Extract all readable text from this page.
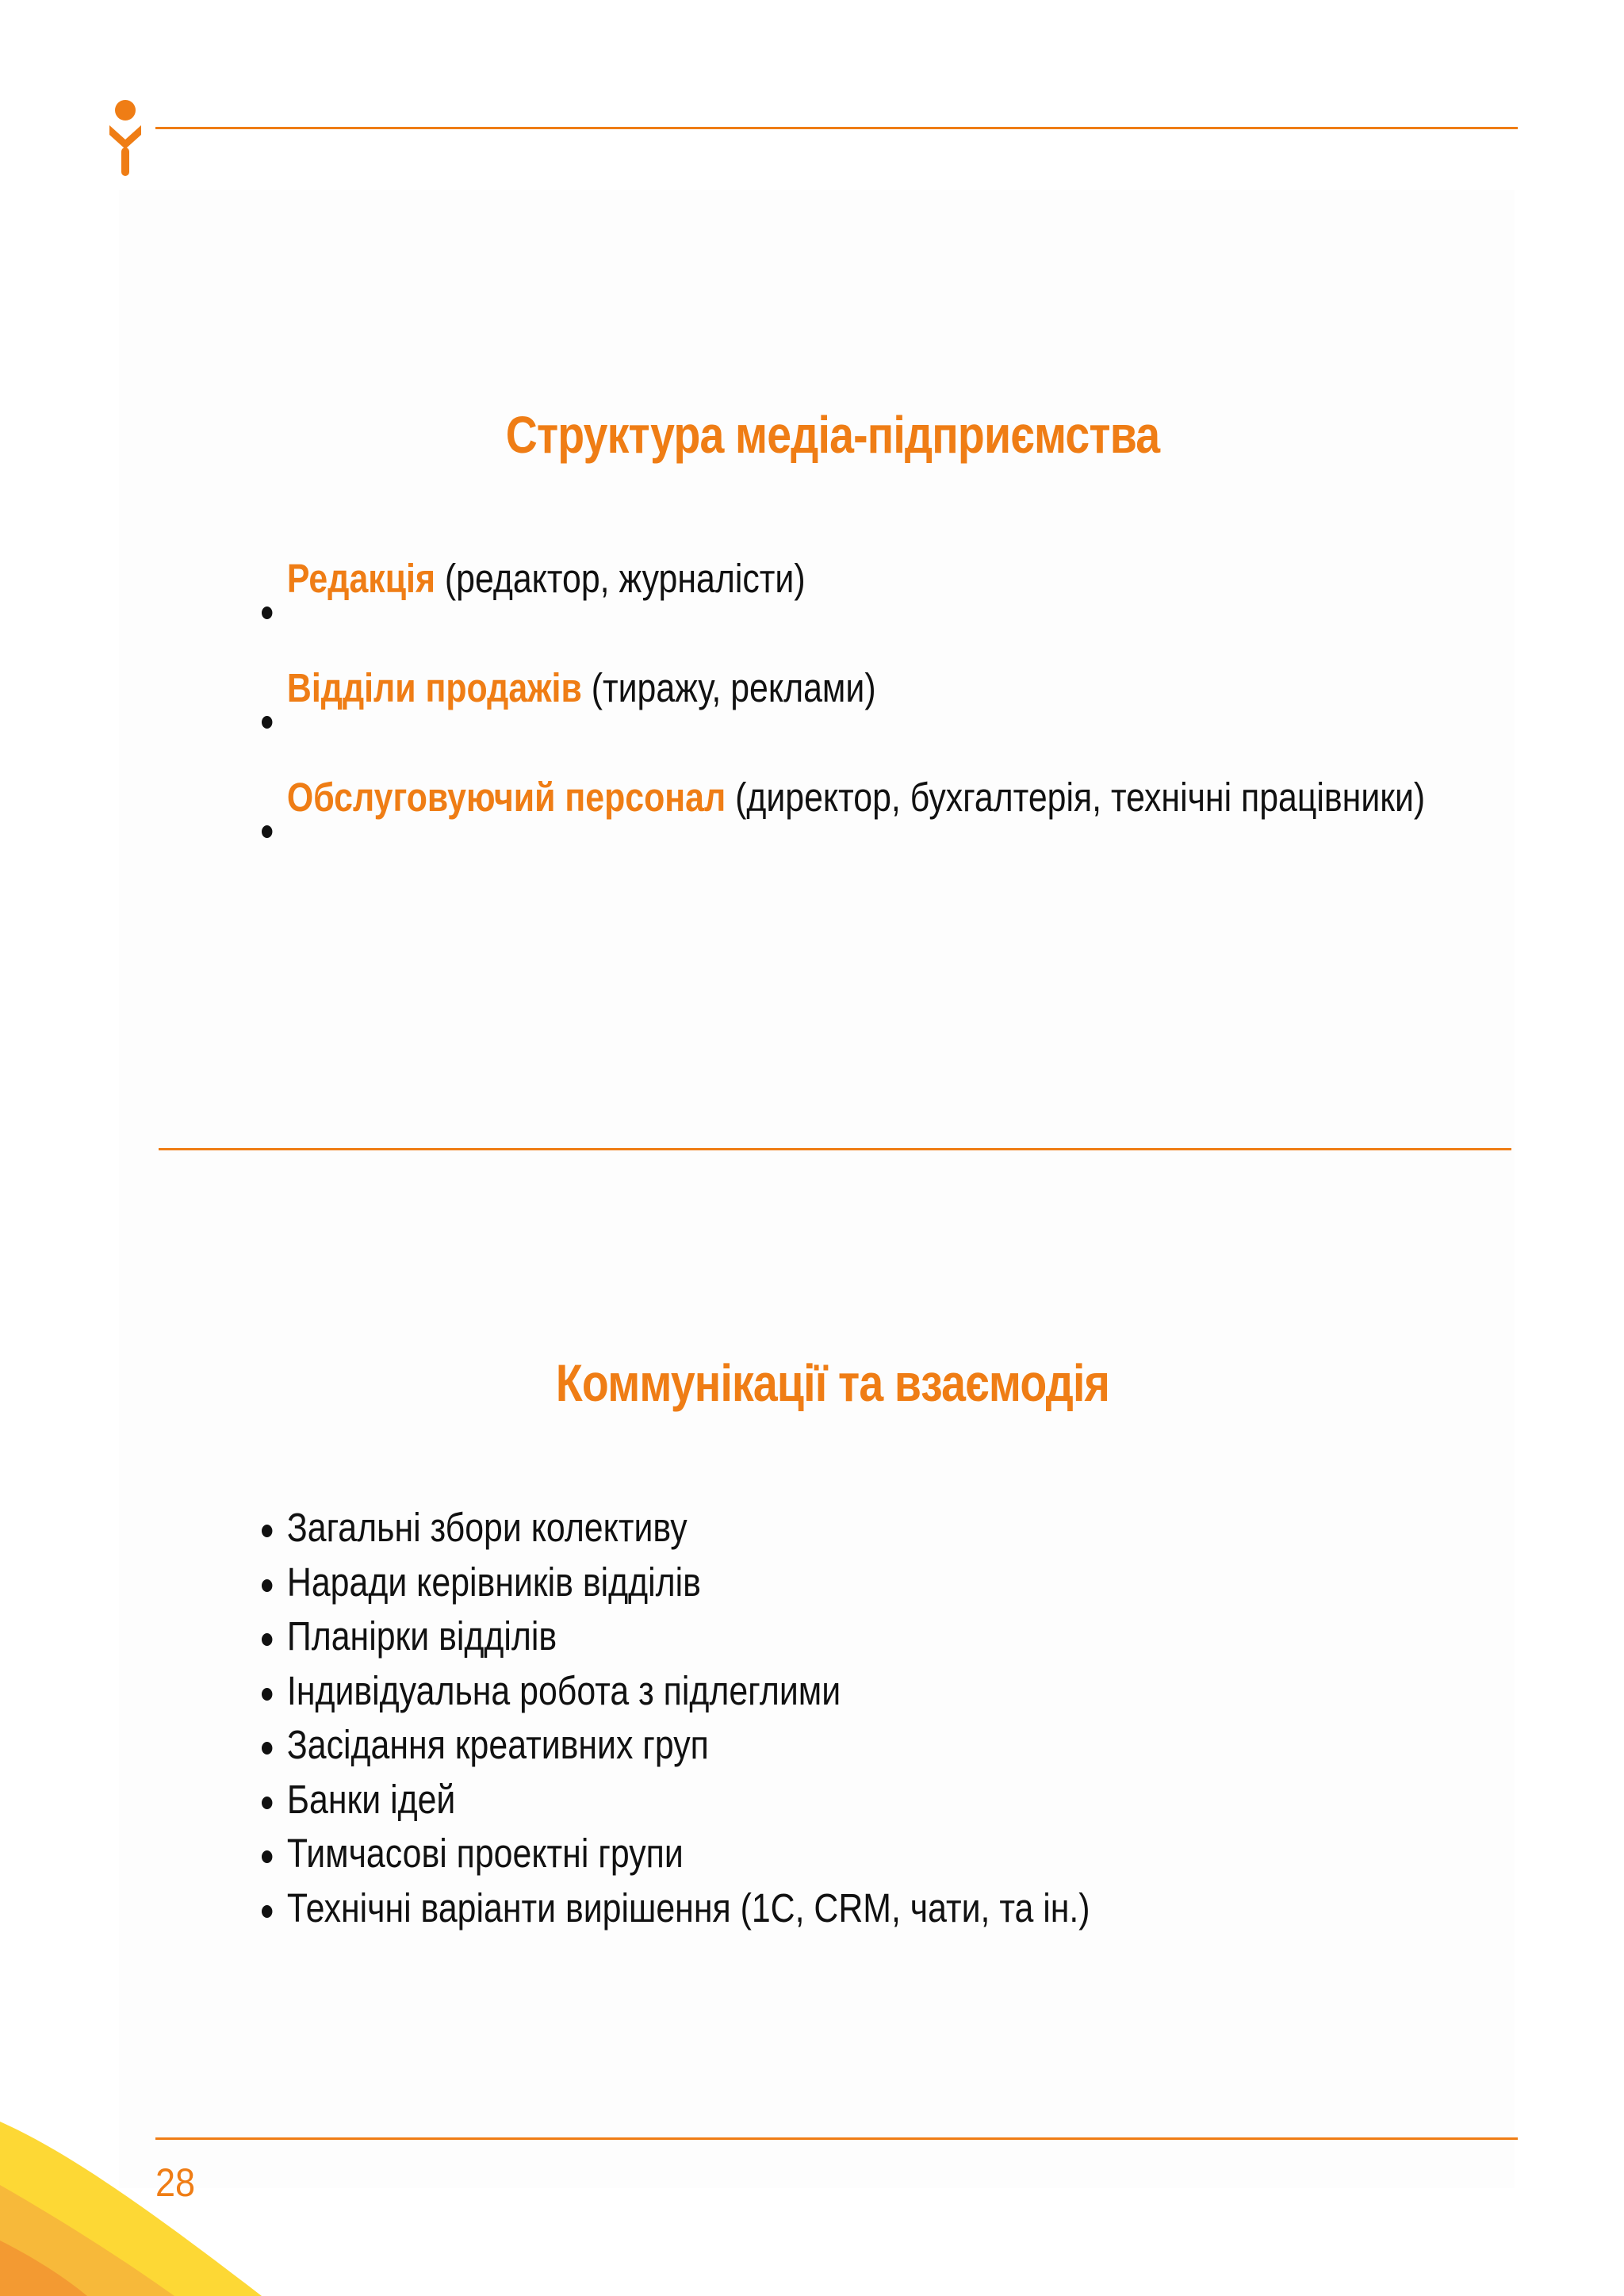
Структура медіа-підприємства
Редакція (редактор, журналісти)
Відділи продажів (тиражу, реклами)
Обслуговуючий персонал (директор, бухгалтерія, технічні працівники)
Коммунікації та взаємодія
Загальні збори колективу
Наради керівників відділів
Планірки відділів
Індивідуальна робота з підлеглими
Засідання креативних груп
Банки ідей
Тимчасові проектні групи
Технічні варіанти вирішення (1С, CRM, чати, та ін.)
28
